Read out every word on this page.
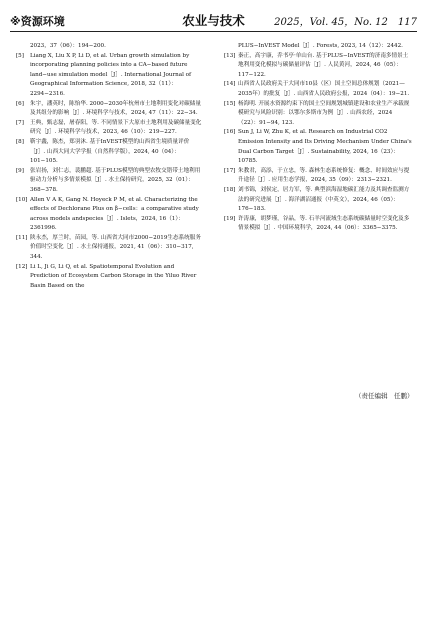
※资源环境	农业与技术	2025，Vol. 45，No. 12　117
2023，37（06）：194−200.
[5] Liang X, Liu X P, Li D, et al. Urban growth simulation by incorporating planning policies into a CA−based future land−use simulation model［J］. International Journal of Geographical Information Science, 2018, 32（11）：2294−2316.
[6] 朱宇，潘英时，陈怡华. 2000−2030年杭州市土地利用变化对碳储量及其组分的影响［J］. 环境科学与技术，2024, 47（11）：22−34.
[7] 王典，甄志磊，屠春阳，等. 不同情景下大原市土地利用及碳储量变化研究［J］. 环境科学与技术，2023, 46（10）：219−227.
[8] 靳宇鑫，陈杰，郑羽沐. 基于InVEST模型的山西省生境质量评价［J］. 山西大同大学学报（自然科学版），2024, 40（04）：101−105.
[9] 张岩扬，刘仁志，裴鹏超. 基于PLUS模型的典型农牧交错带土地利用驱动力分析与多情景模拟［J］. 水土保持研究，2025, 32（01）：368−378.
[10] Allen V A K, Gang N. Hoyeck P M, et al. Characterizing the effects of Dechlorane Plus on β−cells：a comparative study across models andspecies［J］. Islets，2024, 16（1）：2361996.
[11] 陕永杰，厚兰时，苗园，等. 山西省大同市2000−2019生态系统服务价值时空变化［J］. 水土保持通报，2021, 41（06）：310−317, 344.
[12] Li L, Ji G, Li Q, et al. Spatiotemporal Evolution and Prediction of Ecosystem Carbon Storage in the Yiluo River Basin Based on the
PLUS−InVEST Model［J］. Forests, 2023, 14（12）：2442.
[13] 秦正，高宇康，乔书亭·单山台. 基于PLUS−InVEST的济南多情景土地利用变化模拟与碳储量评估［J］. 人民黄河，2024, 46（05）：117−122.
[14] 山西省人民政府关于大同市10县（区）国土空间总体规划（2021—2035年）的批复［J］. 山西省人民政府公报，2024（04）：19−21.
[15] 杨海明. 开展水资源约束下的国土空间规划城镇建设和农业生产承载规模研究与风险识别：以鄂尔多斯市为例［J］. 山西农经，2024（22）：91−94, 123.
[16] Sun J, Li W, Zhu K, et al. Research on Industrial CO2 Emission Intensity and Its Driving Mechanism Under China's Dual Carbon Target［J］. Sustainability, 2024, 16（23）：10785.
[17] 朱教君，高添，于立忠，等. 森林生态系统修复：概念、时间效应与提升途径［J］. 应用生态学报，2024, 35（09）：2313−2321.
[18] 刘书锦，刘侯定，居力军，等. 典型滨海湿地碳汇能力及其调查监测方法的研究进展［J］. 海洋湖沼通报（中英文），2024, 46（05）：176−183.
[19] 许涛康，胡梦瑾，谷晶，等. 石羊河流域生态系统碳储量时空变化及多情景模拟［J］. 中国环境科学，2024, 44（06）：3365−3375.
（责任编辑　任鹏）
